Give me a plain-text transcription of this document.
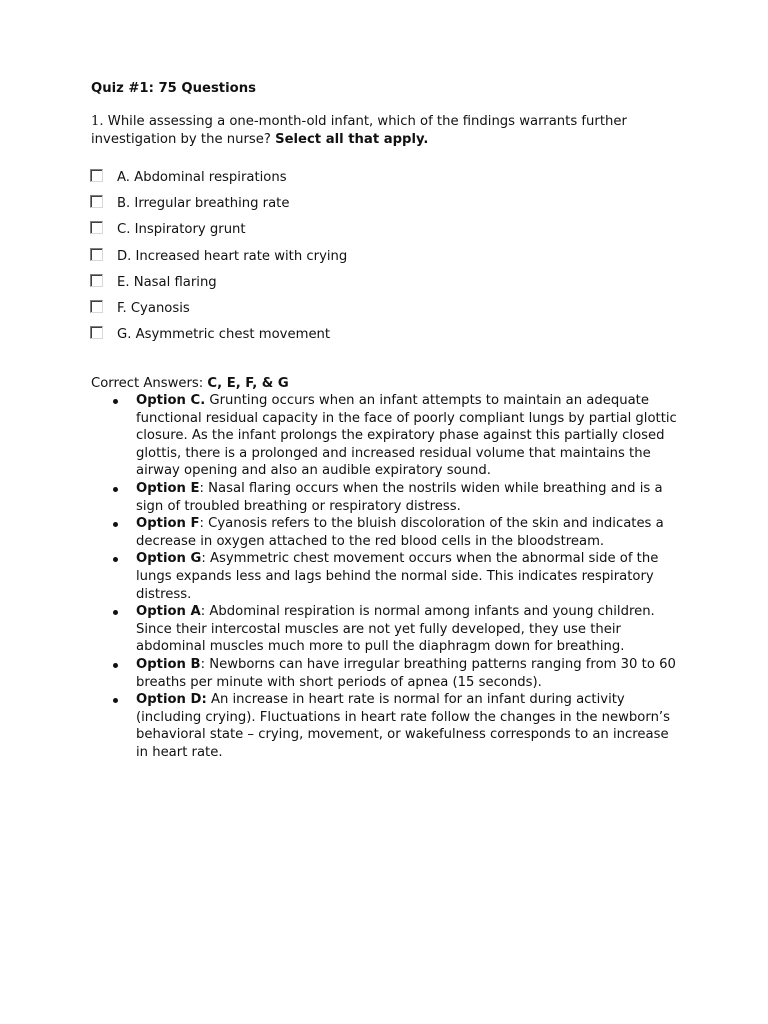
Quiz #1: 75 Questions

1. While assessing a one-month-old infant, which of the findings warrants further investigation by the nurse? Select all that apply.

A. Abdominal respirations
B. Irregular breathing rate
C. Inspiratory grunt
D. Increased heart rate with crying
E. Nasal flaring
F. Cyanosis
G. Asymmetric chest movement

Correct Answers: C, E, F, & G

Option C. Grunting occurs when an infant attempts to maintain an adequate functional residual capacity in the face of poorly compliant lungs by partial glottic closure. As the infant prolongs the expiratory phase against this partially closed glottis, there is a prolonged and increased residual volume that maintains the airway opening and also an audible expiratory sound.
Option E: Nasal flaring occurs when the nostrils widen while breathing and is a sign of troubled breathing or respiratory distress.
Option F: Cyanosis refers to the bluish discoloration of the skin and indicates a decrease in oxygen attached to the red blood cells in the bloodstream.
Option G: Asymmetric chest movement occurs when the abnormal side of the lungs expands less and lags behind the normal side. This indicates respiratory distress.
Option A: Abdominal respiration is normal among infants and young children. Since their intercostal muscles are not yet fully developed, they use their abdominal muscles much more to pull the diaphragm down for breathing.
Option B: Newborns can have irregular breathing patterns ranging from 30 to 60 breaths per minute with short periods of apnea (15 seconds).
Option D: An increase in heart rate is normal for an infant during activity (including crying). Fluctuations in heart rate follow the changes in the newborn’s behavioral state – crying, movement, or wakefulness corresponds to an increase in heart rate.
